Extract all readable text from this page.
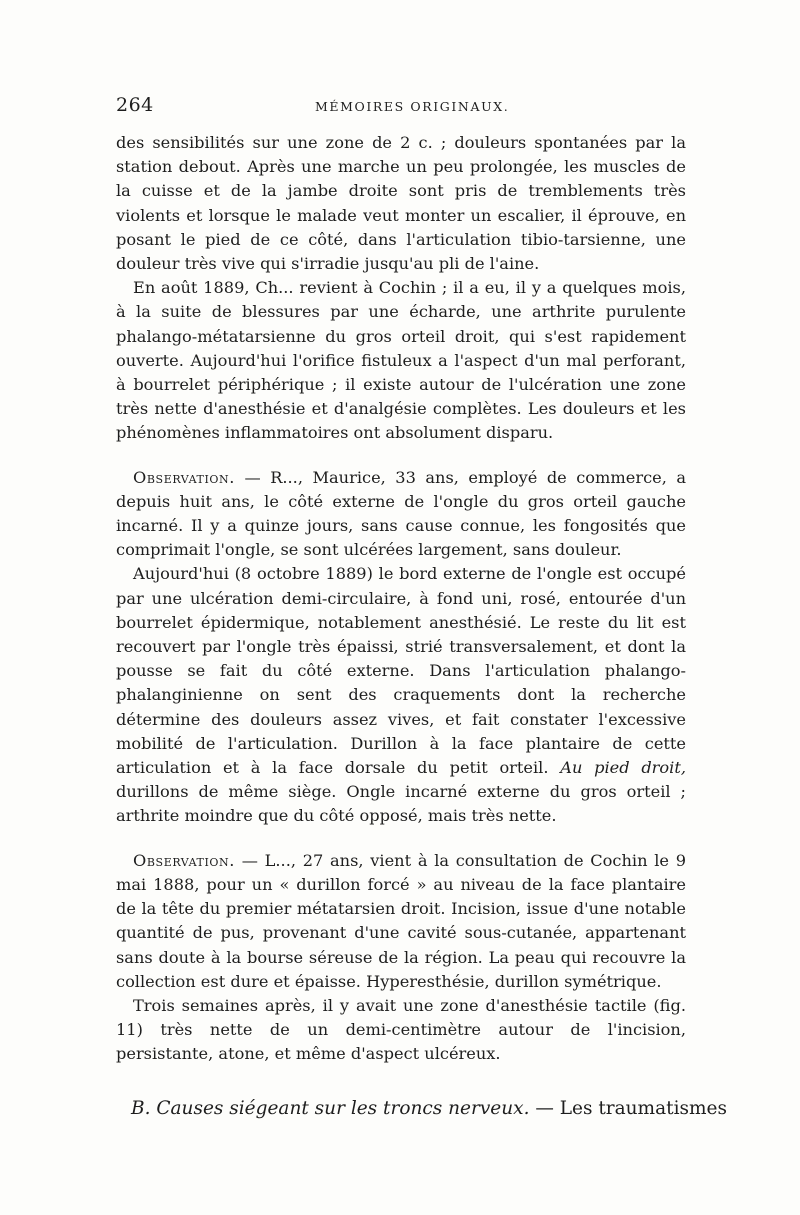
264	MÉMOIRES ORIGINAUX.

des sensibilités sur une zone de 2 c. ; douleurs spontanées par la station debout. Après une marche un peu prolongée, les muscles de la cuisse et de la jambe droite sont pris de tremblements très violents et lorsque le malade veut monter un escalier, il éprouve, en posant le pied de ce côté, dans l'articulation tibio-tarsienne, une douleur très vive qui s'irradie jusqu'au pli de l'aine.

En août 1889, Ch... revient à Cochin ; il a eu, il y a quelques mois, à la suite de blessures par une écharde, une arthrite purulente phalango-métatarsienne du gros orteil droit, qui s'est rapidement ouverte. Aujourd'hui l'orifice fistuleux a l'aspect d'un mal perforant, à bourrelet périphérique ; il existe autour de l'ulcération une zone très nette d'anesthésie et d'analgésie complètes. Les douleurs et les phénomènes inflammatoires ont absolument disparu.

Observation. — R..., Maurice, 33 ans, employé de commerce, a depuis huit ans, le côté externe de l'ongle du gros orteil gauche incarné. Il y a quinze jours, sans cause connue, les fongosités que comprimait l'ongle, se sont ulcérées largement, sans douleur.

Aujourd'hui (8 octobre 1889) le bord externe de l'ongle est occupé par une ulcération demi-circulaire, à fond uni, rosé, entourée d'un bourrelet épidermique, notablement anesthésié. Le reste du lit est recouvert par l'ongle très épaissi, strié transversalement, et dont la pousse se fait du côté externe. Dans l'articulation phalango-phalanginienne on sent des craquements dont la recherche détermine des douleurs assez vives, et fait constater l'excessive mobilité de l'articulation. Durillon à la face plantaire de cette articulation et à la face dorsale du petit orteil. Au pied droit, durillons de même siège. Ongle incarné externe du gros orteil ; arthrite moindre que du côté opposé, mais très nette.

Observation. — L..., 27 ans, vient à la consultation de Cochin le 9 mai 1888, pour un « durillon forcé » au niveau de la face plantaire de la tête du premier métatarsien droit. Incision, issue d'une notable quantité de pus, provenant d'une cavité sous-cutanée, appartenant sans doute à la bourse séreuse de la région. La peau qui recouvre la collection est dure et épaisse. Hyperesthésie, durillon symétrique.

Trois semaines après, il y avait une zone d'anesthésie tactile (fig. 11) très nette de un demi-centimètre autour de l'incision, persistante, atone, et même d'aspect ulcéreux.

B. Causes siégeant sur les troncs nerveux. — Les traumatismes
